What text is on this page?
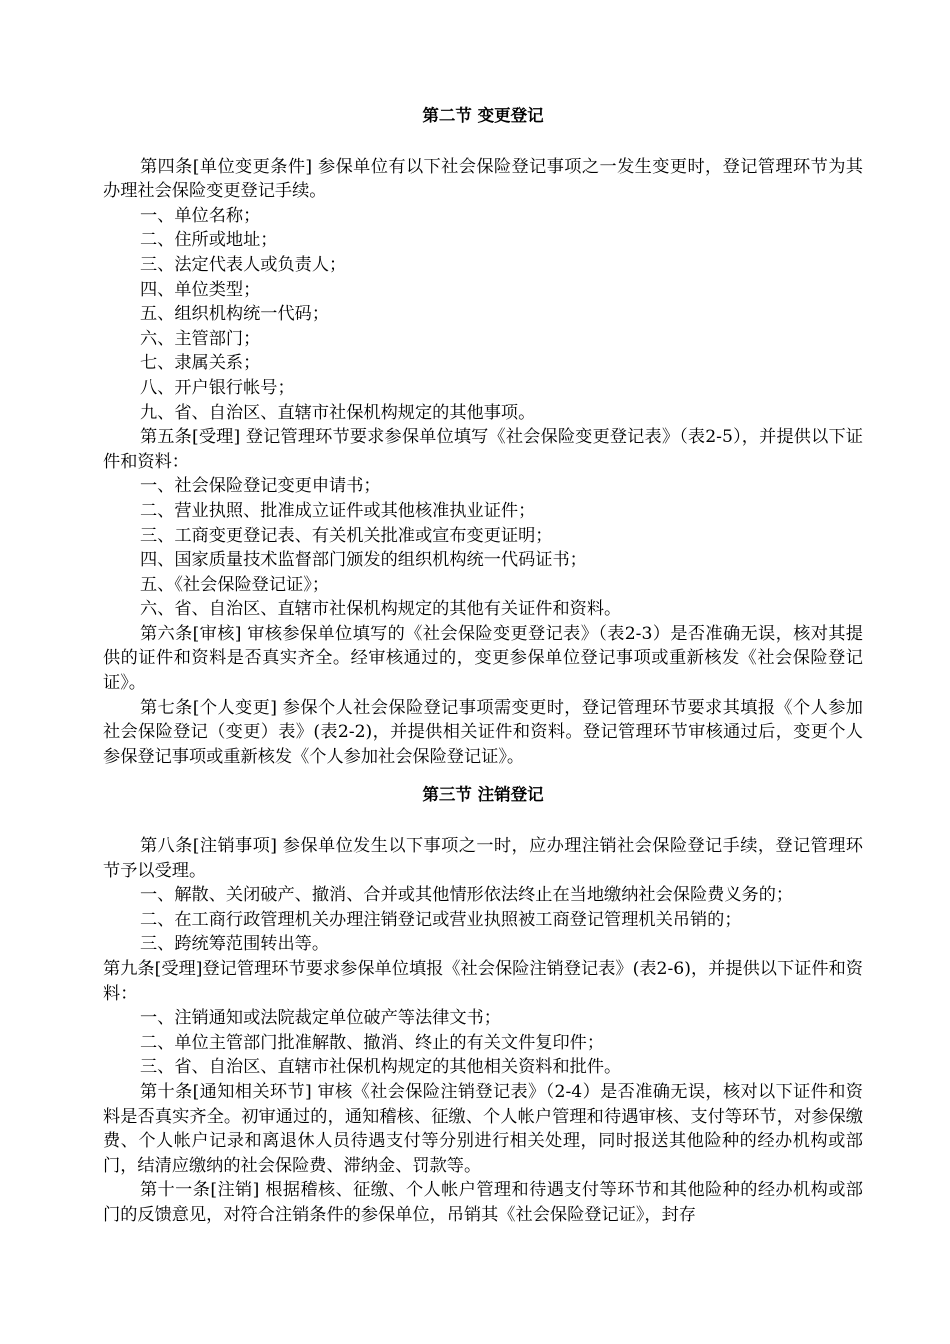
第二节 变更登记
第四条[单位变更条件] 参保单位有以下社会保险登记事项之一发生变更时，登记管理环节为其办理社会保险变更登记手续。
一、单位名称；
二、住所或地址；
三、法定代表人或负责人；
四、单位类型；
五、组织机构统一代码；
六、主管部门；
七、隶属关系；
八、开户银行帐号；
九、省、自治区、直辖市社保机构规定的其他事项。
第五条[受理] 登记管理环节要求参保单位填写《社会保险变更登记表》（表2-5），并提供以下证件和资料：
一、社会保险登记变更申请书；
二、营业执照、批准成立证件或其他核准执业证件；
三、工商变更登记表、有关机关批准或宣布变更证明；
四、国家质量技术监督部门颁发的组织机构统一代码证书；
五、《社会保险登记证》；
六、省、自治区、直辖市社保机构规定的其他有关证件和资料。
第六条[审核] 审核参保单位填写的《社会保险变更登记表》（表2-3）是否准确无误，核对其提供的证件和资料是否真实齐全。经审核通过的，变更参保单位登记事项或重新核发《社会保险登记证》。
第七条[个人变更] 参保个人社会保险登记事项需变更时，登记管理环节要求其填报《个人参加社会保险登记（变更）表》(表2-2)，并提供相关证件和资料。登记管理环节审核通过后，变更个人参保登记事项或重新核发《个人参加社会保险登记证》。
第三节 注销登记
第八条[注销事项] 参保单位发生以下事项之一时，应办理注销社会保险登记手续，登记管理环节予以受理。
一、解散、关闭破产、撤消、合并或其他情形依法终止在当地缴纳社会保险费义务的；
二、在工商行政管理机关办理注销登记或营业执照被工商登记管理机关吊销的；
三、跨统筹范围转出等。
第九条[受理]登记管理环节要求参保单位填报《社会保险注销登记表》(表2-6)，并提供以下证件和资料：
一、注销通知或法院裁定单位破产等法律文书；
二、单位主管部门批准解散、撤消、终止的有关文件复印件；
三、省、自治区、直辖市社保机构规定的其他相关资料和批件。
第十条[通知相关环节] 审核《社会保险注销登记表》（2-4）是否准确无误，核对以下证件和资料是否真实齐全。初审通过的，通知稽核、征缴、个人帐户管理和待遇审核、支付等环节，对参保缴费、个人帐户记录和离退休人员待遇支付等分别进行相关处理，同时报送其他险种的经办机构或部门，结清应缴纳的社会保险费、滞纳金、罚款等。
第十一条[注销] 根据稽核、征缴、个人帐户管理和待遇支付等环节和其他险种的经办机构或部门的反馈意见，对符合注销条件的参保单位，吊销其《社会保险登记证》，封存
